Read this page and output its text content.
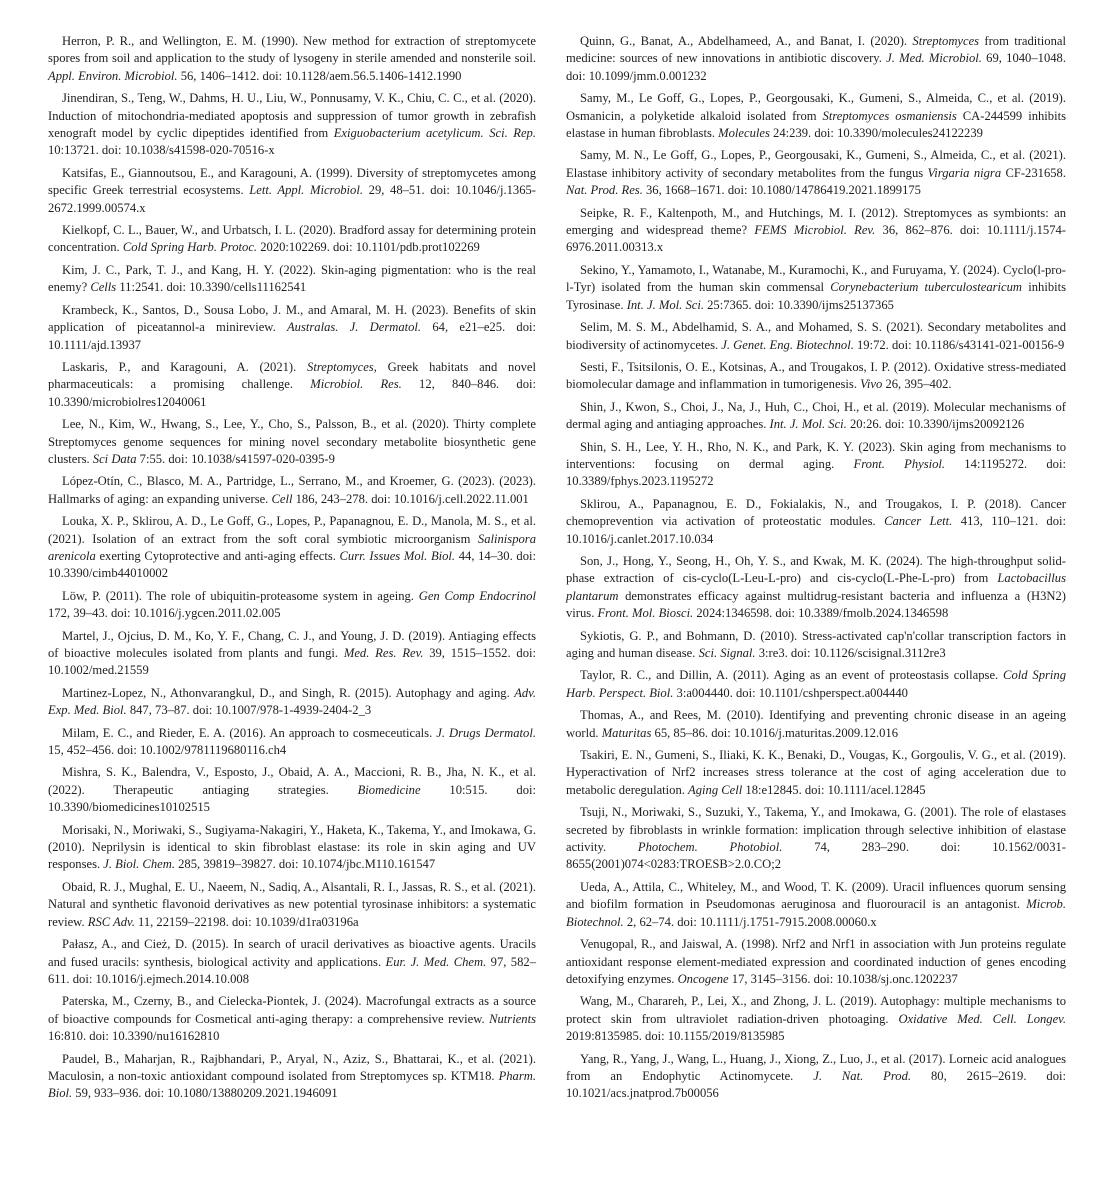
Herron, P. R., and Wellington, E. M. (1990). New method for extraction of streptomycete spores from soil and application to the study of lysogeny in sterile amended and nonsterile soil. Appl. Environ. Microbiol. 56, 1406–1412. doi: 10.1128/aem.56.5.1406-1412.1990

Jinendiran, S., Teng, W., Dahms, H. U., Liu, W., Ponnusamy, V. K., Chiu, C. C., et al. (2020). Induction of mitochondria-mediated apoptosis and suppression of tumor growth in zebrafish xenograft model by cyclic dipeptides identified from Exiguobacterium acetylicum. Sci. Rep. 10:13721. doi: 10.1038/s41598-020-70516-x

Katsifas, E., Giannoutsou, E., and Karagouni, A. (1999). Diversity of streptomycetes among specific Greek terrestrial ecosystems. Lett. Appl. Microbiol. 29, 48–51. doi: 10.1046/j.1365-2672.1999.00574.x

Kielkopf, C. L., Bauer, W., and Urbatsch, I. L. (2020). Bradford assay for determining protein concentration. Cold Spring Harb. Protoc. 2020:102269. doi: 10.1101/pdb.prot102269

Kim, J. C., Park, T. J., and Kang, H. Y. (2022). Skin-aging pigmentation: who is the real enemy? Cells 11:2541. doi: 10.3390/cells11162541

Krambeck, K., Santos, D., Sousa Lobo, J. M., and Amaral, M. H. (2023). Benefits of skin application of piceatannol-a minireview. Australas. J. Dermatol. 64, e21–e25. doi: 10.1111/ajd.13937

Laskaris, P., and Karagouni, A. (2021). Streptomyces, Greek habitats and novel pharmaceuticals: a promising challenge. Microbiol. Res. 12, 840–846. doi: 10.3390/microbiolres12040061

Lee, N., Kim, W., Hwang, S., Lee, Y., Cho, S., Palsson, B., et al. (2020). Thirty complete Streptomyces genome sequences for mining novel secondary metabolite biosynthetic gene clusters. Sci Data 7:55. doi: 10.1038/s41597-020-0395-9

López-Otín, C., Blasco, M. A., Partridge, L., Serrano, M., and Kroemer, G. (2023). (2023). Hallmarks of aging: an expanding universe. Cell 186, 243–278. doi: 10.1016/j.cell.2022.11.001

Louka, X. P., Sklirou, A. D., Le Goff, G., Lopes, P., Papanagnou, E. D., Manola, M. S., et al. (2021). Isolation of an extract from the soft coral symbiotic microorganism Salinispora arenicola exerting Cytoprotective and anti-aging effects. Curr. Issues Mol. Biol. 44, 14–30. doi: 10.3390/cimb44010002

Löw, P. (2011). The role of ubiquitin-proteasome system in ageing. Gen Comp Endocrinol 172, 39–43. doi: 10.1016/j.ygcen.2011.02.005

Martel, J., Ojcius, D. M., Ko, Y. F., Chang, C. J., and Young, J. D. (2019). Antiaging effects of bioactive molecules isolated from plants and fungi. Med. Res. Rev. 39, 1515–1552. doi: 10.1002/med.21559

Martinez-Lopez, N., Athonvarangkul, D., and Singh, R. (2015). Autophagy and aging. Adv. Exp. Med. Biol. 847, 73–87. doi: 10.1007/978-1-4939-2404-2_3

Milam, E. C., and Rieder, E. A. (2016). An approach to cosmeceuticals. J. Drugs Dermatol. 15, 452–456. doi: 10.1002/9781119680116.ch4

Mishra, S. K., Balendra, V., Esposto, J., Obaid, A. A., Maccioni, R. B., Jha, N. K., et al. (2022). Therapeutic antiaging strategies. Biomedicine 10:515. doi: 10.3390/biomedicines10102515

Morisaki, N., Moriwaki, S., Sugiyama-Nakagiri, Y., Haketa, K., Takema, Y., and Imokawa, G. (2010). Neprilysin is identical to skin fibroblast elastase: its role in skin aging and UV responses. J. Biol. Chem. 285, 39819–39827. doi: 10.1074/jbc.M110.161547

Obaid, R. J., Mughal, E. U., Naeem, N., Sadiq, A., Alsantali, R. I., Jassas, R. S., et al. (2021). Natural and synthetic flavonoid derivatives as new potential tyrosinase inhibitors: a systematic review. RSC Adv. 11, 22159–22198. doi: 10.1039/d1ra03196a

Pałasz, A., and Cież, D. (2015). In search of uracil derivatives as bioactive agents. Uracils and fused uracils: synthesis, biological activity and applications. Eur. J. Med. Chem. 97, 582–611. doi: 10.1016/j.ejmech.2014.10.008

Paterska, M., Czerny, B., and Cielecka-Piontek, J. (2024). Macrofungal extracts as a source of bioactive compounds for Cosmetical anti-aging therapy: a comprehensive review. Nutrients 16:810. doi: 10.3390/nu16162810

Paudel, B., Maharjan, R., Rajbhandari, P., Aryal, N., Aziz, S., Bhattarai, K., et al. (2021). Maculosin, a non-toxic antioxidant compound isolated from Streptomyces sp. KTM18. Pharm. Biol. 59, 933–936. doi: 10.1080/13880209.2021.1946091

Quinn, G., Banat, A., Abdelhameed, A., and Banat, I. (2020). Streptomyces from traditional medicine: sources of new innovations in antibiotic discovery. J. Med. Microbiol. 69, 1040–1048. doi: 10.1099/jmm.0.001232

Samy, M., Le Goff, G., Lopes, P., Georgousaki, K., Gumeni, S., Almeida, C., et al. (2019). Osmanicin, a polyketide alkaloid isolated from Streptomyces osmaniensis CA-244599 inhibits elastase in human fibroblasts. Molecules 24:239. doi: 10.3390/molecules24122239

Samy, M. N., Le Goff, G., Lopes, P., Georgousaki, K., Gumeni, S., Almeida, C., et al. (2021). Elastase inhibitory activity of secondary metabolites from the fungus Virgaria nigra CF-231658. Nat. Prod. Res. 36, 1668–1671. doi: 10.1080/14786419.2021.1899175

Seipke, R. F., Kaltenpoth, M., and Hutchings, M. I. (2012). Streptomyces as symbionts: an emerging and widespread theme? FEMS Microbiol. Rev. 36, 862–876. doi: 10.1111/j.1574-6976.2011.00313.x

Sekino, Y., Yamamoto, I., Watanabe, M., Kuramochi, K., and Furuyama, Y. (2024). Cyclo(l-pro-l-Tyr) isolated from the human skin commensal Corynebacterium tuberculostearicum inhibits Tyrosinase. Int. J. Mol. Sci. 25:7365. doi: 10.3390/ijms25137365

Selim, M. S. M., Abdelhamid, S. A., and Mohamed, S. S. (2021). Secondary metabolites and biodiversity of actinomycetes. J. Genet. Eng. Biotechnol. 19:72. doi: 10.1186/s43141-021-00156-9

Sesti, F., Tsitsilonis, O. E., Kotsinas, A., and Trougakos, I. P. (2012). Oxidative stress-mediated biomolecular damage and inflammation in tumorigenesis. Vivo 26, 395–402.

Shin, J., Kwon, S., Choi, J., Na, J., Huh, C., Choi, H., et al. (2019). Molecular mechanisms of dermal aging and antiaging approaches. Int. J. Mol. Sci. 20:26. doi: 10.3390/ijms20092126

Shin, S. H., Lee, Y. H., Rho, N. K., and Park, K. Y. (2023). Skin aging from mechanisms to interventions: focusing on dermal aging. Front. Physiol. 14:1195272. doi: 10.3389/fphys.2023.1195272

Sklirou, A., Papanagnou, E. D., Fokialakis, N., and Trougakos, I. P. (2018). Cancer chemoprevention via activation of proteostatic modules. Cancer Lett. 413, 110–121. doi: 10.1016/j.canlet.2017.10.034

Son, J., Hong, Y., Seong, H., Oh, Y. S., and Kwak, M. K. (2024). The high-throughput solid-phase extraction of cis-cyclo(L-Leu-L-pro) and cis-cyclo(L-Phe-L-pro) from Lactobacillus plantarum demonstrates efficacy against multidrug-resistant bacteria and influenza a (H3N2) virus. Front. Mol. Biosci. 2024:1346598. doi: 10.3389/fmolb.2024.1346598

Sykiotis, G. P., and Bohmann, D. (2010). Stress-activated cap'n'collar transcription factors in aging and human disease. Sci. Signal. 3:re3. doi: 10.1126/scisignal.3112re3

Taylor, R. C., and Dillin, A. (2011). Aging as an event of proteostasis collapse. Cold Spring Harb. Perspect. Biol. 3:a004440. doi: 10.1101/cshperspect.a004440

Thomas, A., and Rees, M. (2010). Identifying and preventing chronic disease in an ageing world. Maturitas 65, 85–86. doi: 10.1016/j.maturitas.2009.12.016

Tsakiri, E. N., Gumeni, S., Iliaki, K. K., Benaki, D., Vougas, K., Gorgoulis, V. G., et al. (2019). Hyperactivation of Nrf2 increases stress tolerance at the cost of aging acceleration due to metabolic deregulation. Aging Cell 18:e12845. doi: 10.1111/acel.12845

Tsuji, N., Moriwaki, S., Suzuki, Y., Takema, Y., and Imokawa, G. (2001). The role of elastases secreted by fibroblasts in wrinkle formation: implication through selective inhibition of elastase activity. Photochem. Photobiol. 74, 283–290. doi: 10.1562/0031-8655(2001)074<0283:TROESB>2.0.CO;2

Ueda, A., Attila, C., Whiteley, M., and Wood, T. K. (2009). Uracil influences quorum sensing and biofilm formation in Pseudomonas aeruginosa and fluorouracil is an antagonist. Microb. Biotechnol. 2, 62–74. doi: 10.1111/j.1751-7915.2008.00060.x

Venugopal, R., and Jaiswal, A. (1998). Nrf2 and Nrf1 in association with Jun proteins regulate antioxidant response element-mediated expression and coordinated induction of genes encoding detoxifying enzymes. Oncogene 17, 3145–3156. doi: 10.1038/sj.onc.1202237

Wang, M., Charareh, P., Lei, X., and Zhong, J. L. (2019). Autophagy: multiple mechanisms to protect skin from ultraviolet radiation-driven photoaging. Oxidative Med. Cell. Longev. 2019:8135985. doi: 10.1155/2019/8135985

Yang, R., Yang, J., Wang, L., Huang, J., Xiong, Z., Luo, J., et al. (2017). Lorneic acid analogues from an Endophytic Actinomycete. J. Nat. Prod. 80, 2615–2619. doi: 10.1021/acs.jnatprod.7b00056
